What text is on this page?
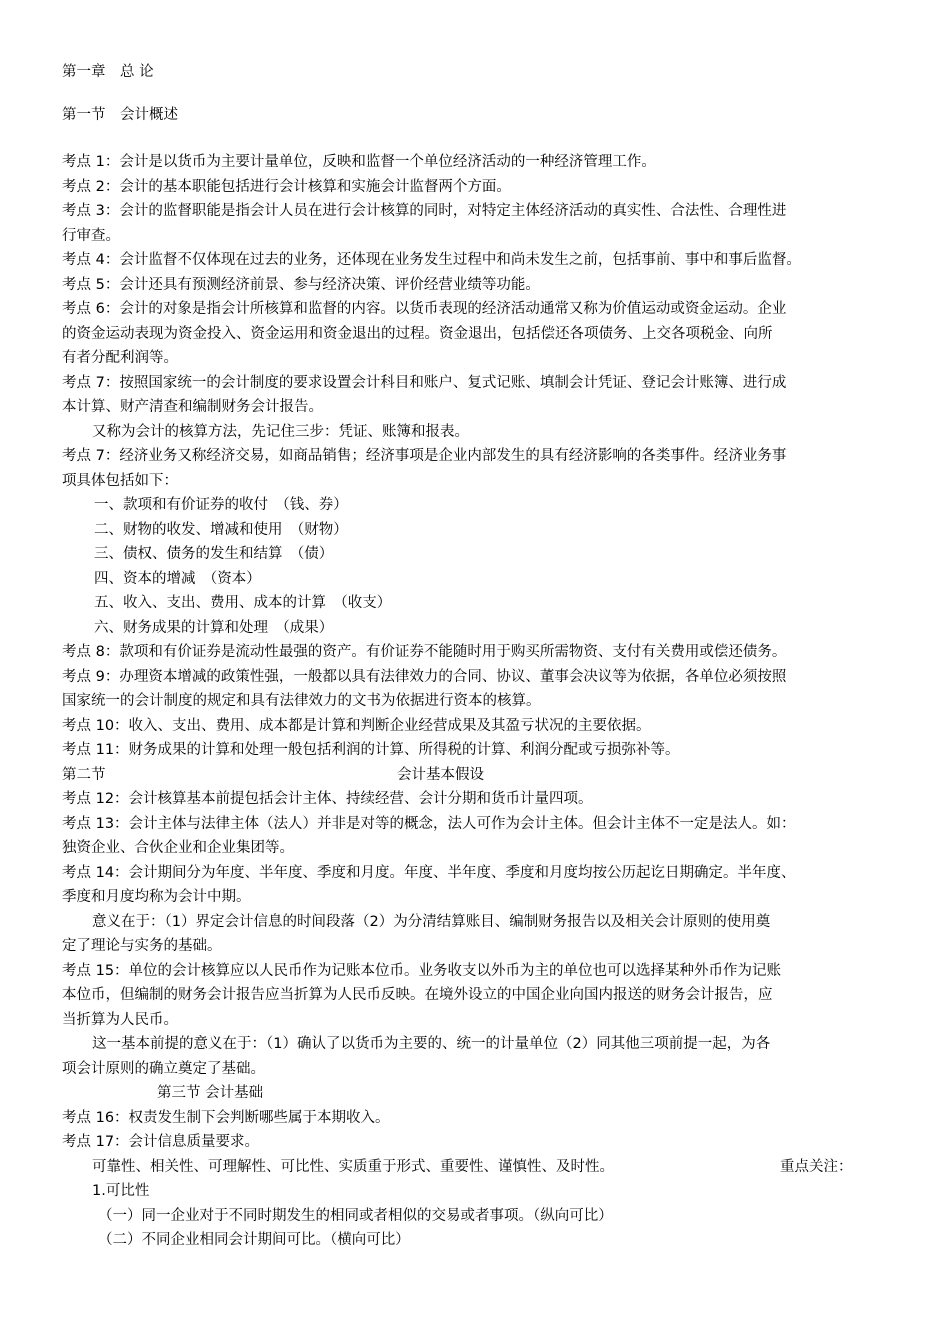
第一章　总 论
第一节　会计概述
考点 1：会计是以货币为主要计量单位，反映和监督一个单位经济活动的一种经济管理工作。
考点 2：会计的基本职能包括进行会计核算和实施会计监督两个方面。
考点 3：会计的监督职能是指会计人员在进行会计核算的同时，对特定主体经济活动的真实性、合法性、合理性进
行审查。
考点 4：会计监督不仅体现在过去的业务，还体现在业务发生过程中和尚未发生之前，包括事前、事中和事后监督。
考点 5：会计还具有预测经济前景、参与经济决策、评价经营业绩等功能。
考点 6：会计的对象是指会计所核算和监督的内容。以货币表现的经济活动通常又称为价值运动或资金运动。企业
的资金运动表现为资金投入、资金运用和资金退出的过程。资金退出，包括偿还各项债务、上交各项税金、向所
有者分配利润等。
考点 7：按照国家统一的会计制度的要求设置会计科目和账户、复式记账、填制会计凭证、登记会计账簿、进行成
本计算、财产清查和编制财务会计报告。
又称为会计的核算方法，先记住三步：凭证、账簿和报表。
考点 7：经济业务又称经济交易，如商品销售；经济事项是企业内部发生的具有经济影响的各类事件。经济业务事
项具体包括如下：
一、款项和有价证券的收付　（钱、券）
二、财物的收发、增减和使用　（财物）
三、债权、债务的发生和结算　（债）
四、资本的增减　（资本）
五、收入、支出、费用、成本的计算　（收支）
六、财务成果的计算和处理　（成果）
考点 8：款项和有价证券是流动性最强的资产。有价证券不能随时用于购买所需物资、支付有关费用或偿还债务。
考点 9：办理资本增减的政策性强，一般都以具有法律效力的合同、协议、董事会决议等为依据，各单位必须按照
国家统一的会计制度的规定和具有法律效力的文书为依据进行资本的核算。
考点 10：收入、支出、费用、成本都是计算和判断企业经营成果及其盈亏状况的主要依据。
考点 11：财务成果的计算和处理一般包括利润的计算、所得税的计算、利润分配或亏损弥补等。
第二节	会计基本假设
考点 12：会计核算基本前提包括会计主体、持续经营、会计分期和货币计量四项。
考点 13：会计主体与法律主体（法人）并非是对等的概念，法人可作为会计主体。但会计主体不一定是法人。如：
独资企业、合伙企业和企业集团等。
考点 14：会计期间分为年度、半年度、季度和月度。年度、半年度、季度和月度均按公历起讫日期确定。半年度、
季度和月度均称为会计中期。
意义在于：（1）界定会计信息的时间段落（2）为分清结算账目、编制财务报告以及相关会计原则的使用奠
定了理论与实务的基础。
考点 15：单位的会计核算应以人民币作为记账本位币。业务收支以外币为主的单位也可以选择某种外币作为记账
本位币，但编制的财务会计报告应当折算为人民币反映。在境外设立的中国企业向国内报送的财务会计报告，应
当折算为人民币。
这一基本前提的意义在于：（1）确认了以货币为主要的、统一的计量单位（2）同其他三项前提一起，为各
项会计原则的确立奠定了基础。
第三节 会计基础
考点 16：权责发生制下会判断哪些属于本期收入。
考点 17：会计信息质量要求。
可靠性、相关性、可理解性、可比性、实质重于形式、重要性、谨慎性、及时性。	重点关注：
1.可比性
（一）同一企业对于不同时期发生的相同或者相似的交易或者事项。（纵向可比）
（二）不同企业相同会计期间可比。（横向可比）
